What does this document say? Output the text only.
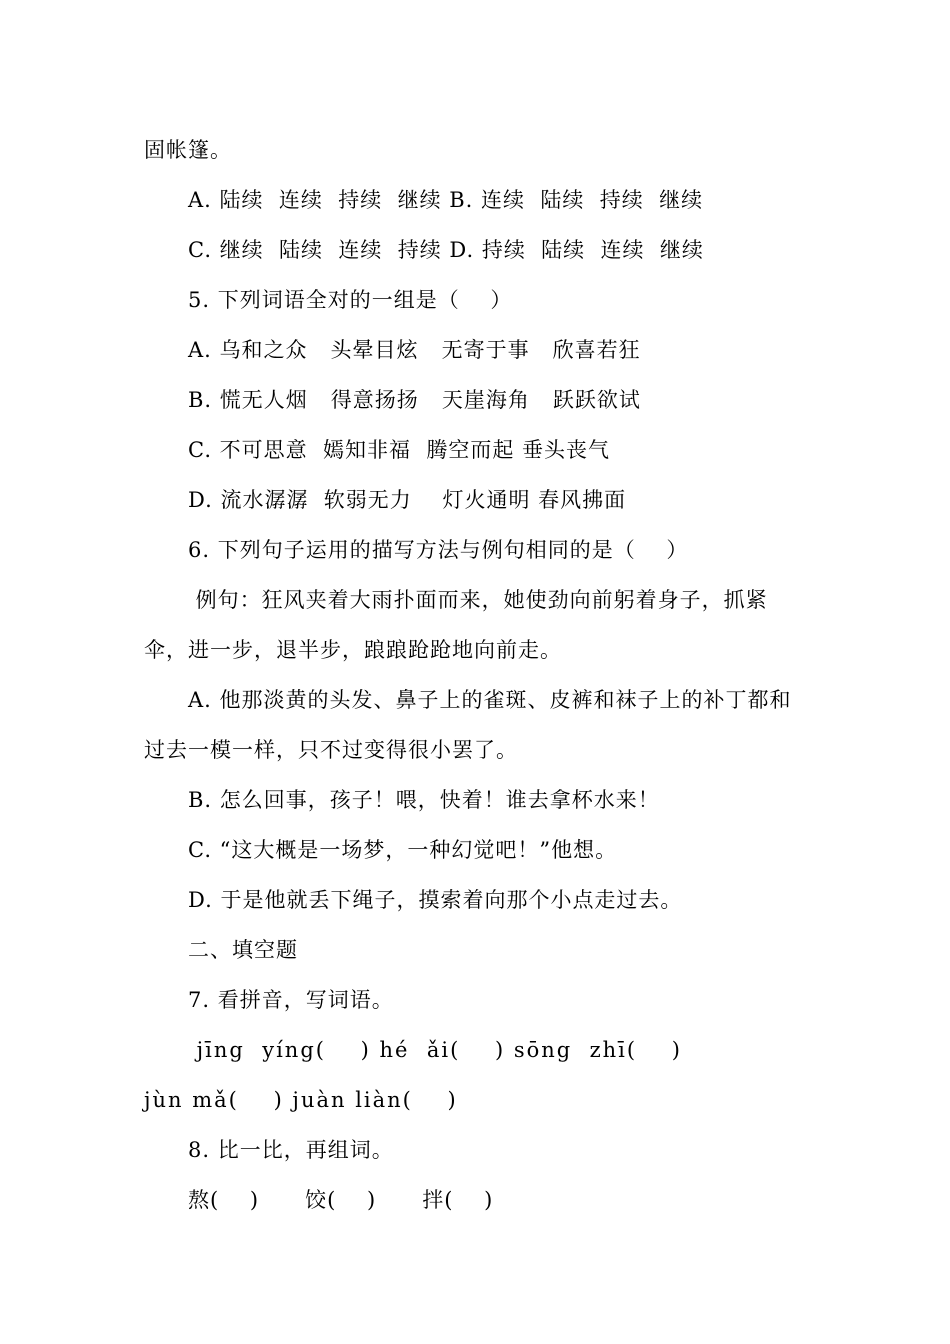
固帐篷。
A. 陆续  连续  持续  继续 B. 连续  陆续  持续  继续
C. 继续  陆续  连续  持续 D. 持续  陆续  连续  继续
5. 下列词语全对的一组是（    ）
A. 乌和之众   头晕目炫   无寄于事   欣喜若狂
B. 慌无人烟   得意扬扬   天崖海角   跃跃欲试
C. 不可思意  嫣知非福  腾空而起 垂头丧气
D. 流水潺潺  软弱无力    灯火通明 春风拂面
6. 下列句子运用的描写方法与例句相同的是（    ）
例句：狂风夹着大雨扑面而来，她使劲向前躬着身子，抓紧
伞，进一步，退半步，踉踉跄跄地向前走。
A. 他那淡黄的头发、鼻子上的雀斑、皮裤和袜子上的补丁都和
过去一模一样，只不过变得很小罢了。
B. 怎么回事，孩子！喂，快着！谁去拿杯水来！
C. “这大概是一场梦，一种幻觉吧！”他想。
D. 于是他就丢下绳子，摸索着向那个小点走过去。
二、填空题
7. 看拼音，写词语。
jīng  yíng(    ) hé  ǎi(    ) sōng  zhī(    )
jùn mǎ(    ) juàn liàn(    )
8. 比一比，再组词。
熬(    )      饺(    )      拌(    )
